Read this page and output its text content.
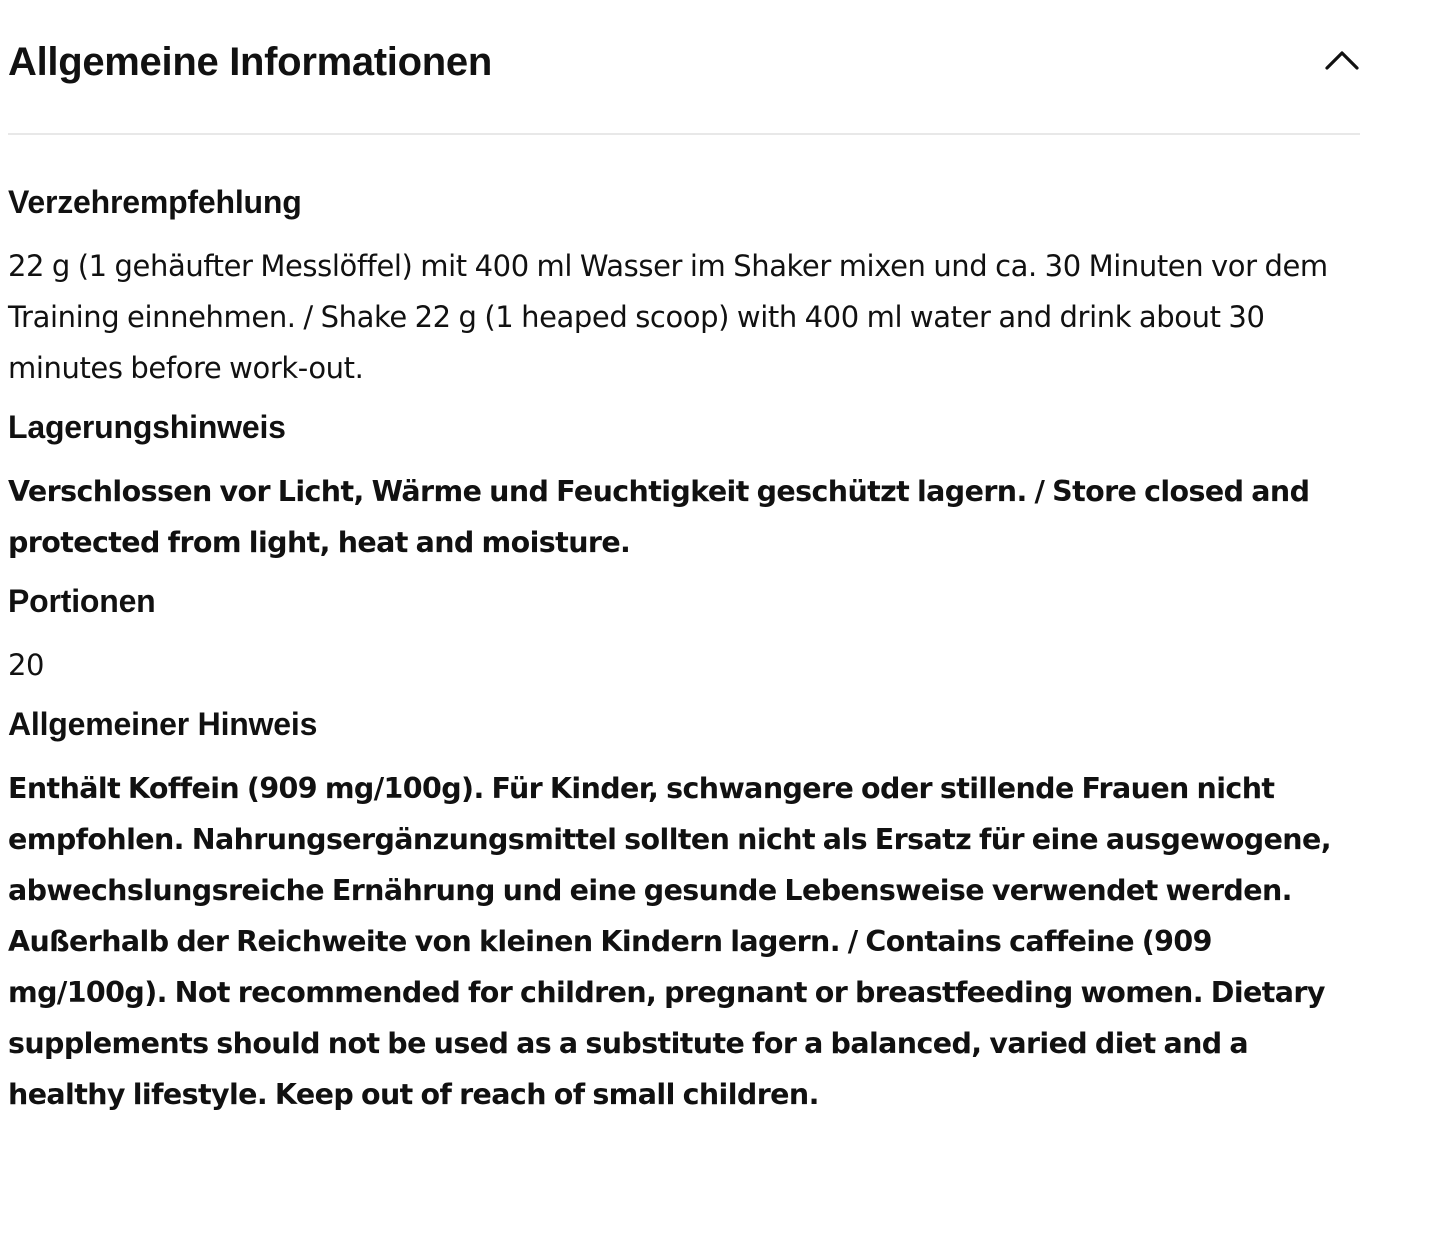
Allgemeine Informationen
Verzehrempfehlung

22 g (1 gehäufter Messlöffel) mit 400 ml Wasser im Shaker mixen und ca. 30 Minuten vor dem Training einnehmen. / Shake 22 g (1 heaped scoop) with 400 ml water and drink about 30 minutes before work-out.

Lagerungshinweis

Verschlossen vor Licht, Wärme und Feuchtigkeit geschützt lagern. / Store closed and protected from light, heat and moisture.

Portionen

20

Allgemeiner Hinweis

Enthält Koffein (909 mg/100g). Für Kinder, schwangere oder stillende Frauen nicht empfohlen. Nahrungsergänzungsmittel sollten nicht als Ersatz für eine ausgewogene, abwechslungsreiche Ernährung und eine gesunde Lebensweise verwendet werden. Außerhalb der Reichweite von kleinen Kindern lagern. / Contains caffeine (909 mg/100g). Not recommended for children, pregnant or breastfeeding women. Dietary supplements should not be used as a substitute for a balanced, varied diet and a healthy lifestyle. Keep out of reach of small children.
